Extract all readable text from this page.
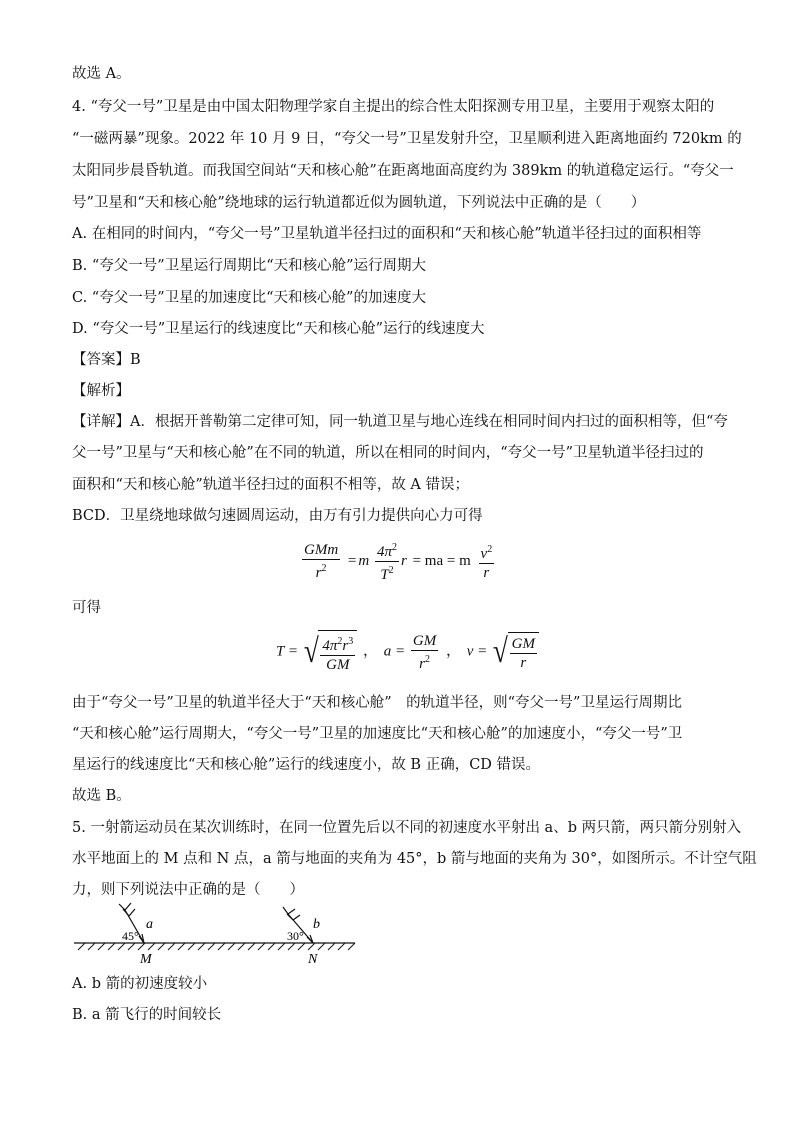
故选 A。
4. “夸父一号”卫星是由中国太阳物理学家自主提出的综合性太阳探测专用卫星，主要用于观察太阳的
“一磁两暴”现象。2022 年 10 月 9 日，“夸父一号”卫星发射升空，卫星顺利进入距离地面约 720km 的
太阳同步晨昏轨道。而我国空间站“天和核心舱”在距离地面高度约为 389km 的轨道稳定运行。“夸父一
号”卫星和“天和核心舱”绕地球的运行轨道都近似为圆轨道，下列说法中正确的是（　　）
A. 在相同的时间内，“夸父一号”卫星轨道半径扫过的面积和“天和核心舱”轨道半径扫过的面积相等
B. “夸父一号”卫星运行周期比“天和核心舱”运行周期大
C. “夸父一号”卫星的加速度比“天和核心舱”的加速度大
D. “夸父一号”卫星运行的线速度比“天和核心舱”运行的线速度大
【答案】B
【解析】
【详解】A．根据开普勒第二定律可知，同一轨道卫星与地心连线在相同时间内扫过的面积相等，但“夸
父一号”卫星与“天和核心舱”在不同的轨道，所以在相同的时间内，“夸父一号”卫星轨道半径扫过的
面积和“天和核心舱”轨道半径扫过的面积不相等，故 A 错误；
BCD．卫星绕地球做匀速圆周运动，由万有引力提供向心力可得
$\frac{\text{GMm}}{r^2} = m \frac{4\pi^2}{T^2}$ r = ma = m $\frac{v^2}{r}$
可得
T = √ $\frac{4\pi^2r^3}{GM}$ ， $a = \frac{GM}{r^2}$ ， v = √ $\frac{GM}{r}$
由于“夸父一号”卫星的轨道半径大于“天和核心舱”　的轨道半径，则“夸父一号”卫星运行周期比
“天和核心舱”运行周期大，“夸父一号”卫星的加速度比“天和核心舱”的加速度小，“夸父一号”卫
星运行的线速度比“天和核心舱”运行的线速度小，故 B 正确，CD 错误。
故选 B。
5. 一射箭运动员在某次训练时，在同一位置先后以不同的初速度水平射出 a、b 两只箭，两只箭分别射入
水平地面上的 M 点和 N 点，a 箭与地面的夹角为 45°，b 箭与地面的夹角为 30°，如图所示。不计空气阻
力，则下列说法中正确的是（　　）
45°
a
M
30°
b
N
A. b 箭的初速度较小
B. a 箭飞行的时间较长
